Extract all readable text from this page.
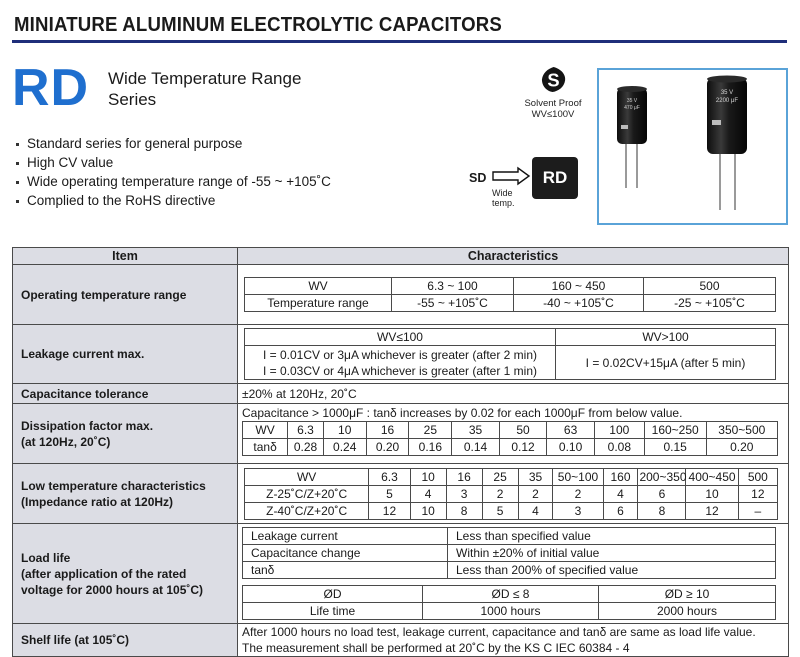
MINIATURE ALUMINUM ELECTROLYTIC CAPACITORS
RD Wide Temperature Range
Series
Standard series for general purpose
High CV value
Wide operating temperature range of -55 ~ +105˚C
Complied to the RoHS directive
S
Solvent Proof
WV≤100V
SD
Wide
temp.
RD
35 V
470 μF
35 V
2200 μF
Item	Characteristics
Operating temperature range	
WV	6.3 ~ 100	160 ~ 450	500
Temperature range	-55 ~ +105˚C	-40 ~ +105˚C	-25 ~ +105˚C

Leakage current max.	
WV≤100	WV>100

I = 0.01CV or 3μA whichever is greater (after 2 min)
I = 0.03CV or 4μA whichever is greater (after 1 min)
	I = 0.02CV+15μA (after 5 min)

Capacitance tolerance	±20% at 120Hz, 20˚C

Dissipation factor max.
(at 120Hz, 20˚C)

Capacitance > 1000μF : tanδ increases by 0.02 for each 1000μF from below value.
WV	6.3	10	16	25	35	50	63	100	160~250	350~500
tanδ	0.28	0.24	0.20	0.16	0.14	0.12	0.10	0.08	0.15	0.20

Low temperature characteristics
(Impedance ratio at 120Hz)

WV	6.3	10	16	25	35	50~100	160	200~350	400~450	500
Z-25˚C/Z+20˚C	5	4	3	2	2	2	4	6	10	12
Z-40˚C/Z+20˚C	12	10	8	5	4	3	6	8	12	–

Load life
(after application of the rated
voltage for 2000 hours at 105˚C)

Leakage current	Less than specified value
Capacitance change	Within ±20% of initial value
tanδ	Less than 200% of specified value
ØD	ØD ≤ 8	ØD ≥ 10
Life time	1000 hours	2000 hours

Shelf life (at 105˚C)	
After 1000 hours no load test, leakage current, capacitance and tanδ are same as load life value.
The measurement shall be performed at 20˚C by the KS C IEC 60384 - 4
